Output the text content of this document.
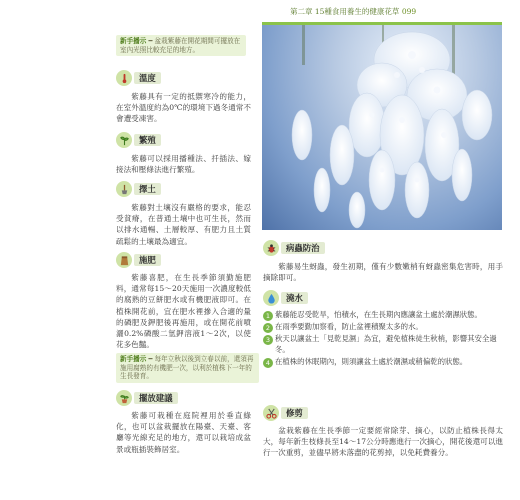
第二章 15種食用養生的健康花草 099
新手播示 ━ 盆栽紫藤在開花期間可擺放在室內光照比較充足的地方。
溫度
紫藤具有一定的抵禦寒冷的能力，在室外溫度約為0℃的環境下過冬通常不會遭受凍害。
繁殖
紫藤可以採用播種法、扦插法、嫁接法和壓條法進行繁殖。
擇土
紫藤對土壤沒有嚴格的要求，能忍受貧瘠，在普通土壤中也可生長，然而以排水通暢、土層較厚、有肥力且土質疏鬆的土壤最為適宜。
施肥
紫藤喜肥，在生長季節須勤施肥料，通常每15～20天施用一次濃度較低的腐熟的豆餅肥水或有機肥液即可。在植株開花前，宜在肥水裡摻入合適的量的磷肥及鉀肥後再施用，或在開花前噴灑0.2%磷酸二氫鉀溶液1～2次，以使花多色豔。
新手播示 ━ 每年立秋以後到立春以前，還須再施用腐熟的有機肥一次，以利於植株下一年的生長發育。
擺放建議
紫藤可栽種在庭院裡用於垂直綠化，也可以盆栽擺放在陽臺、天臺、客廳等光線充足的地方，還可以栽培成盆景或瓶插裝飾居室。
病蟲防治
紫藤易生蚜蟲，發生初期，僅有少數嫩梢有蚜蟲密集危害時，用手摘除即可。
澆水
1 紫藤能忍受乾旱，怕積水，在生長期內應讓盆土處於潮濕狀態。
2 在雨季要勤加察看，防止盆裡積聚太多的水。
3 秋天以讓盆土「見乾見濕」為宜，避免植株徒生秋梢，影響其安全過冬。
4 在植株的休眠期內，則須讓盆土處於潮濕或稍偏乾的狀態。
修剪
盆栽紫藤在生長季節一定要經常除芽、摘心，以防止植株長得太大，每年新生枝條長至14～17公分時應進行一次摘心，開花後還可以進行一次重剪，並儘早將未落盡的花剪掉，以免耗費養分。
